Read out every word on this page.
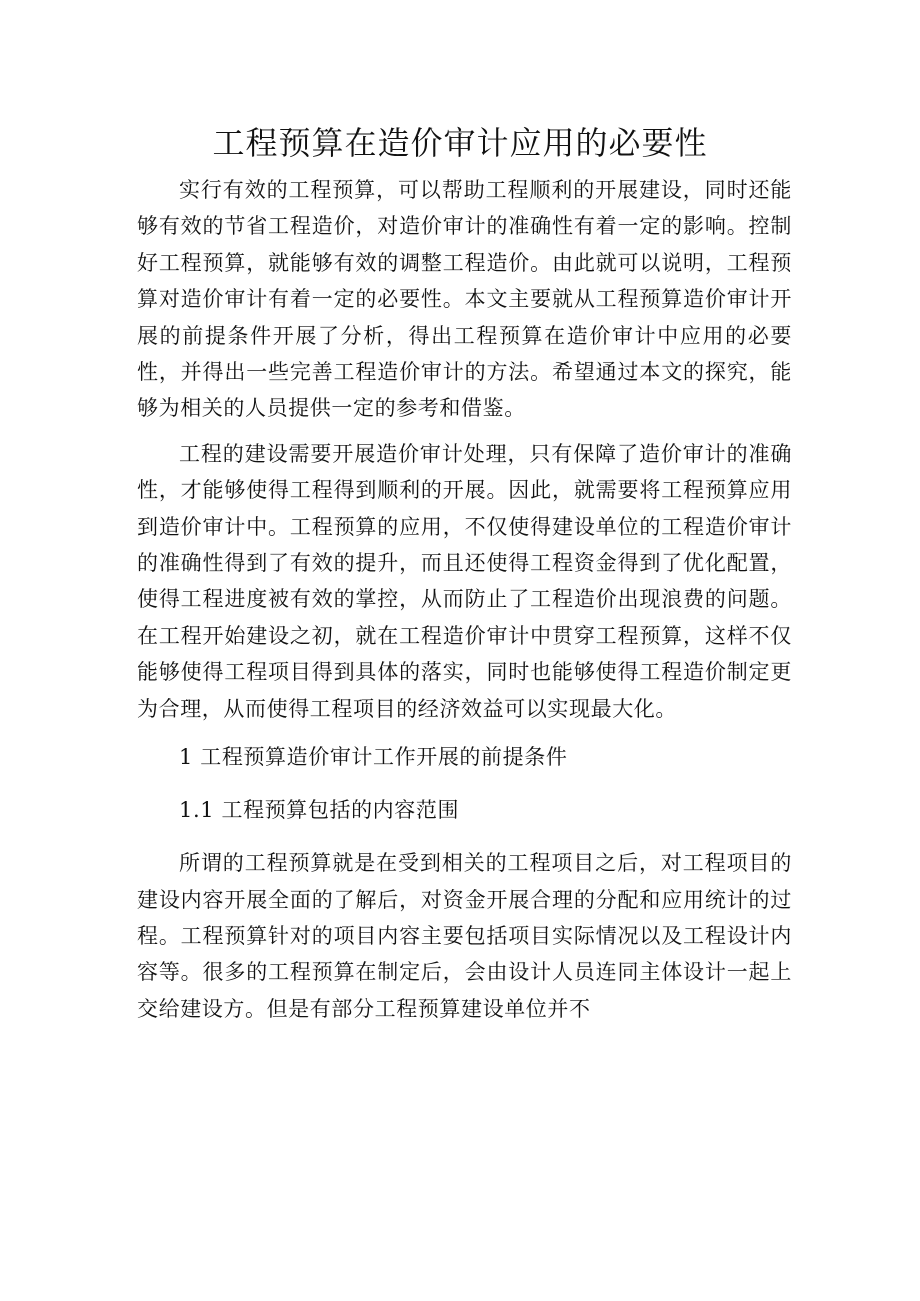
工程预算在造价审计应用的必要性

实行有效的工程预算，可以帮助工程顺利的开展建设，同时还能够有效的节省工程造价，对造价审计的准确性有着一定的影响。控制好工程预算，就能够有效的调整工程造价。由此就可以说明，工程预算对造价审计有着一定的必要性。本文主要就从工程预算造价审计开展的前提条件开展了分析，得出工程预算在造价审计中应用的必要性，并得出一些完善工程造价审计的方法。希望通过本文的探究，能够为相关的人员提供一定的参考和借鉴。

工程的建设需要开展造价审计处理，只有保障了造价审计的准确性，才能够使得工程得到顺利的开展。因此，就需要将工程预算应用到造价审计中。工程预算的应用，不仅使得建设单位的工程造价审计的准确性得到了有效的提升，而且还使得工程资金得到了优化配置，使得工程进度被有效的掌控，从而防止了工程造价出现浪费的问题。在工程开始建设之初，就在工程造价审计中贯穿工程预算，这样不仅能够使得工程项目得到具体的落实，同时也能够使得工程造价制定更为合理，从而使得工程项目的经济效益可以实现最大化。

1 工程预算造价审计工作开展的前提条件

1.1 工程预算包括的内容范围

所谓的工程预算就是在受到相关的工程项目之后，对工程项目的建设内容开展全面的了解后，对资金开展合理的分配和应用统计的过程。工程预算针对的项目内容主要包括项目实际情况以及工程设计内容等。很多的工程预算在制定后，会由设计人员连同主体设计一起上交给建设方。但是有部分工程预算建设单位并不
